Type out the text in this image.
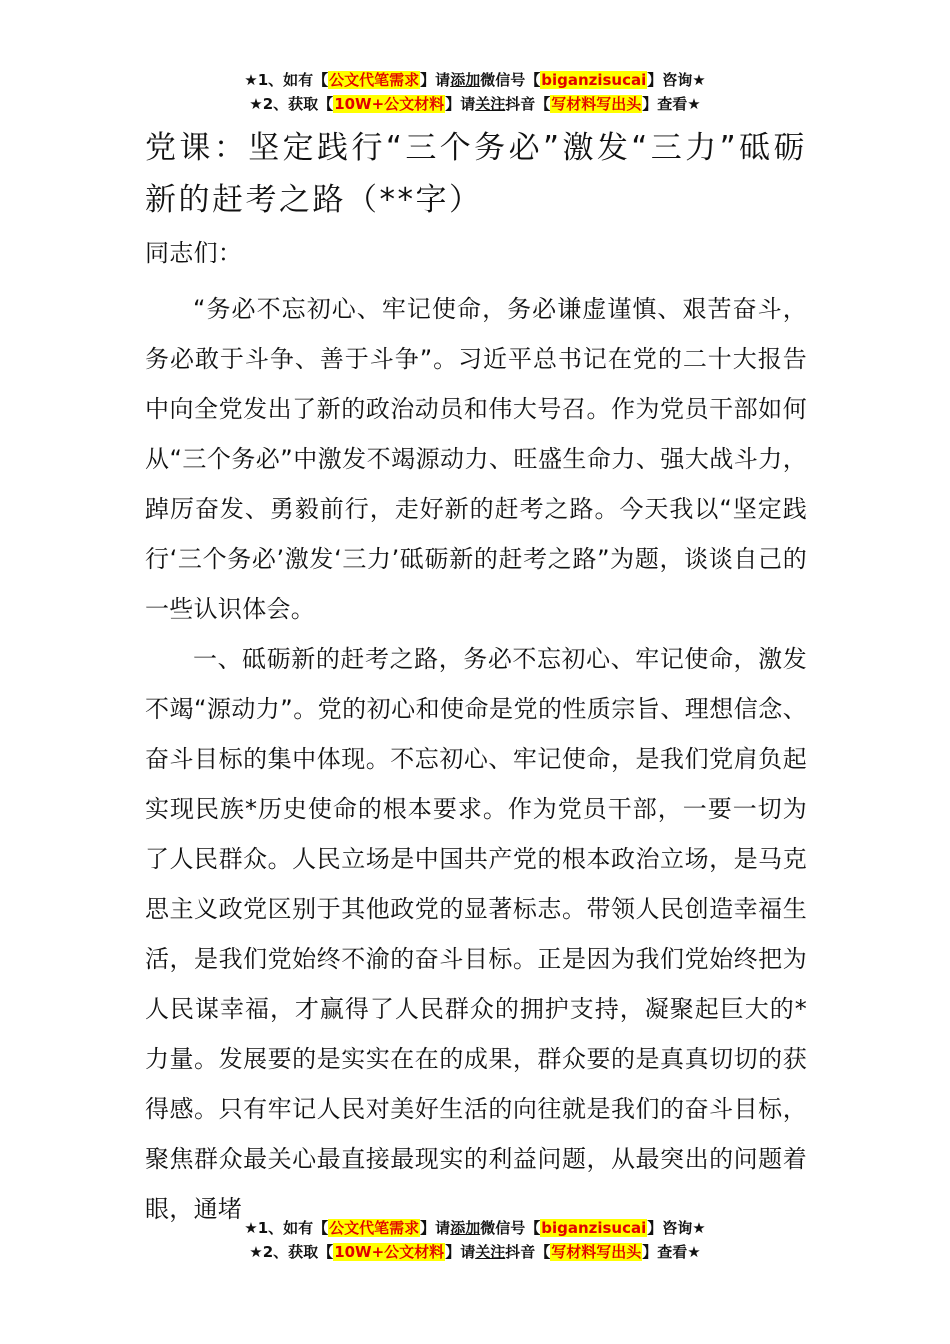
★1、如有【公文代笔需求】请添加微信号【biganzisucai】咨询★
★2、获取【10W+公文材料】请关注抖音【写材料写出头】查看★
党课：坚定践行“三个务必”激发“三力”砥砺新的赶考之路（**字）

同志们：

“务必不忘初心、牢记使命，务必谦虚谨慎、艰苦奋斗，务必敢于斗争、善于斗争”。习近平总书记在党的二十大报告中向全党发出了新的政治动员和伟大号召。作为党员干部如何从“三个务必”中激发不竭源动力、旺盛生命力、强大战斗力，踔厉奋发、勇毅前行，走好新的赶考之路。今天我以“坚定践行‘三个务必’激发‘三力’砥砺新的赶考之路”为题，谈谈自己的一些认识体会。

一、砥砺新的赶考之路，务必不忘初心、牢记使命，激发不竭“源动力”。党的初心和使命是党的性质宗旨、理想信念、奋斗目标的集中体现。不忘初心、牢记使命，是我们党肩负起实现民族*历史使命的根本要求。作为党员干部，一要一切为了人民群众。人民立场是中国共产党的根本政治立场，是马克思主义政党区别于其他政党的显著标志。带领人民创造幸福生活，是我们党始终不渝的奋斗目标。正是因为我们党始终把为人民谋幸福，才赢得了人民群众的拥护支持，凝聚起巨大的*力量。发展要的是实实在在的成果，群众要的是真真切切的获得感。只有牢记人民对美好生活的向往就是我们的奋斗目标，聚焦群众最关心最直接最现实的利益问题，从最突出的问题着眼，通堵

★1、如有【公文代笔需求】请添加微信号【biganzisucai】咨询★
★2、获取【10W+公文材料】请关注抖音【写材料写出头】查看★
